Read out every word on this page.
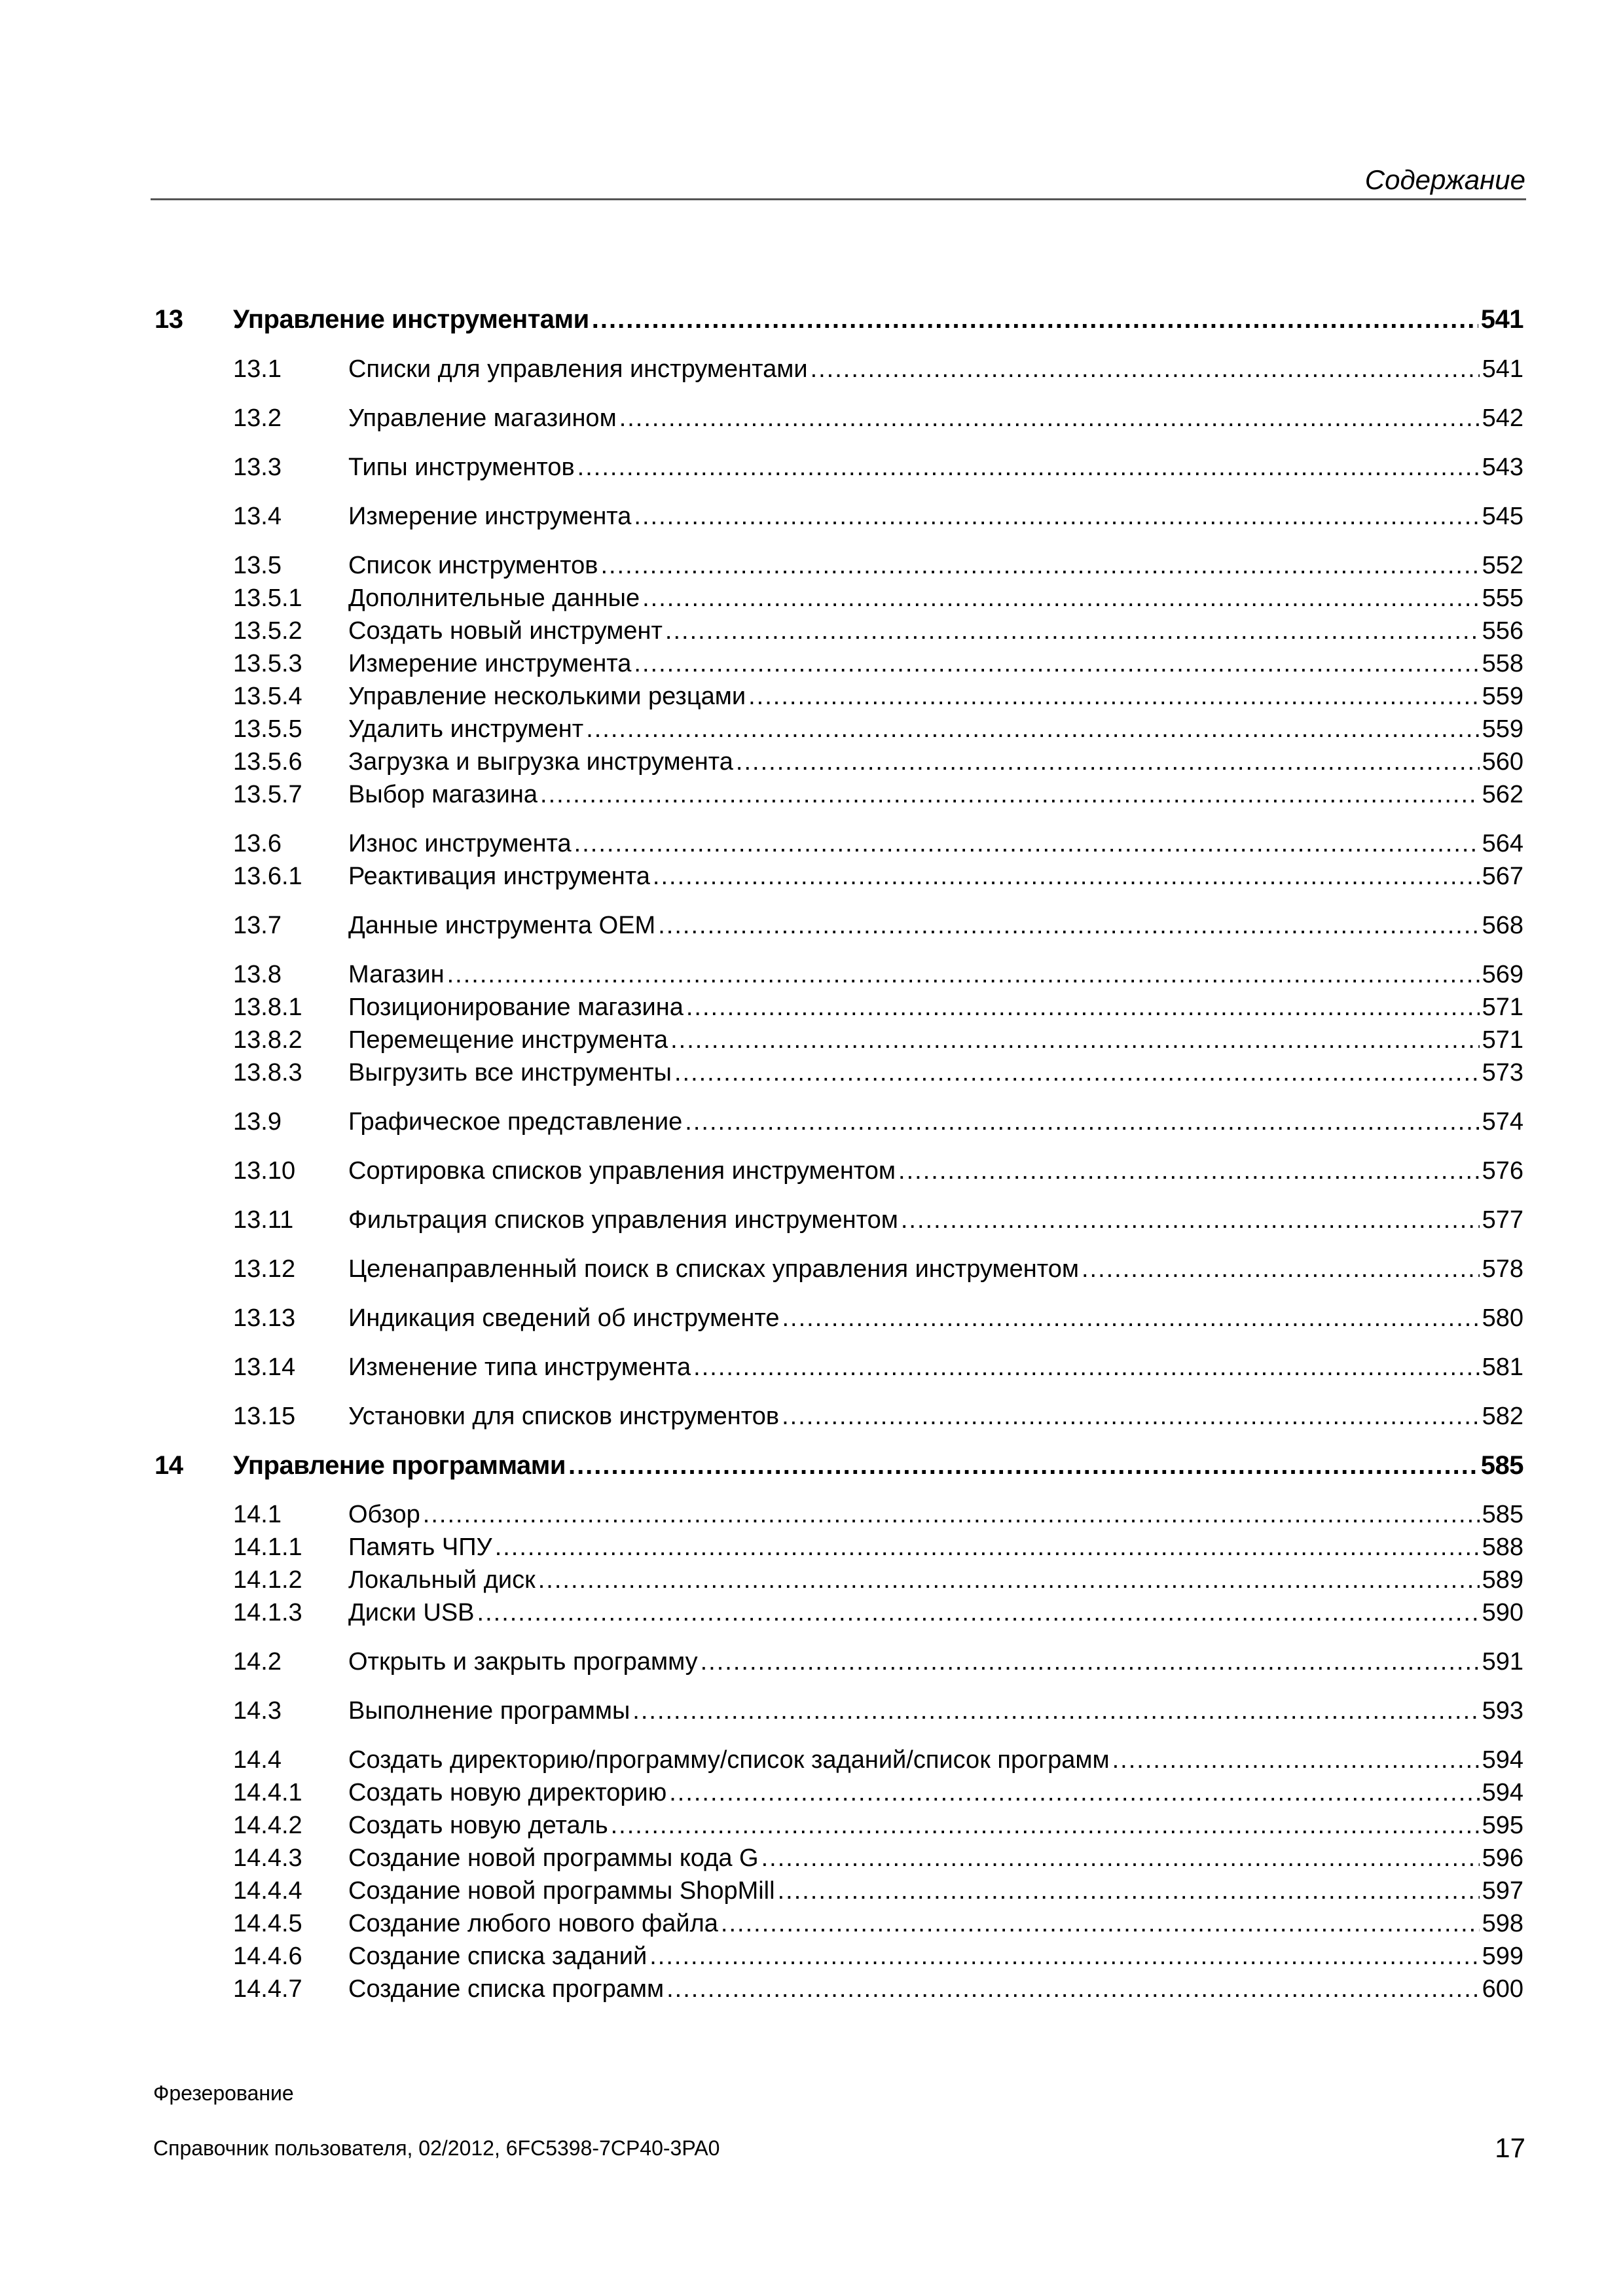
Содержание
13 Управление инструментами .....	541
13.1	Списки для управления инструментами .....	541
13.2	Управление магазином .....	542
13.3	Типы инструментов .....	543
13.4	Измерение инструмента .....	545
13.5	Список инструментов .....	552
13.5.1 Дополнительные данные .....	555
13.5.2 Создать новый инструмент .....	556
13.5.3 Измерение инструмента .....	558
13.5.4 Управление несколькими резцами .....	559
13.5.5 Удалить инструмент .....	559
13.5.6 Загрузка и выгрузка инструмента .....	560
13.5.7 Выбор магазина .....	562
13.6	Износ инструмента .....	564
13.6.1 Реактивация инструмента .....	567
13.7	Данные инструмента OEM .....	568
13.8	Магазин .....	569
13.8.1 Позиционирование магазина .....	571
13.8.2 Перемещение инструмента .....	571
13.8.3 Выгрузить все инструменты .....	573
13.9	Графическое представление .....	574
13.10 Сортировка списков управления инструментом .....	576
13.11 Фильтрация списков управления инструментом .....	577
13.12 Целенаправленный поиск в списках управления инструментом .....	578
13.13 Индикация сведений об инструменте .....	580
13.14 Изменение типа инструмента .....	581
13.15 Установки для списков инструментов .....	582
14 Управление программами .....	585
14.1	Обзор .....	585
14.1.1 Память ЧПУ .....	588
14.1.2 Локальный диск .....	589
14.1.3 Диски USB .....	590
14.2	Открыть и закрыть программу .....	591
14.3	Выполнение программы .....	593
14.4	Создать директорию/программу/список заданий/список программ .....	594
14.4.1 Создать новую директорию .....	594
14.4.2 Создать новую деталь .....	595
14.4.3 Создание новой программы кода G .....	596
14.4.4 Создание новой программы ShopMill .....	597
14.4.5 Создание любого нового файла .....	598
14.4.6 Создание списка заданий .....	599
14.4.7 Создание списка программ .....	600
Фрезерование
Справочник пользователя, 02/2012, 6FC5398-7CP40-3PA0	17
